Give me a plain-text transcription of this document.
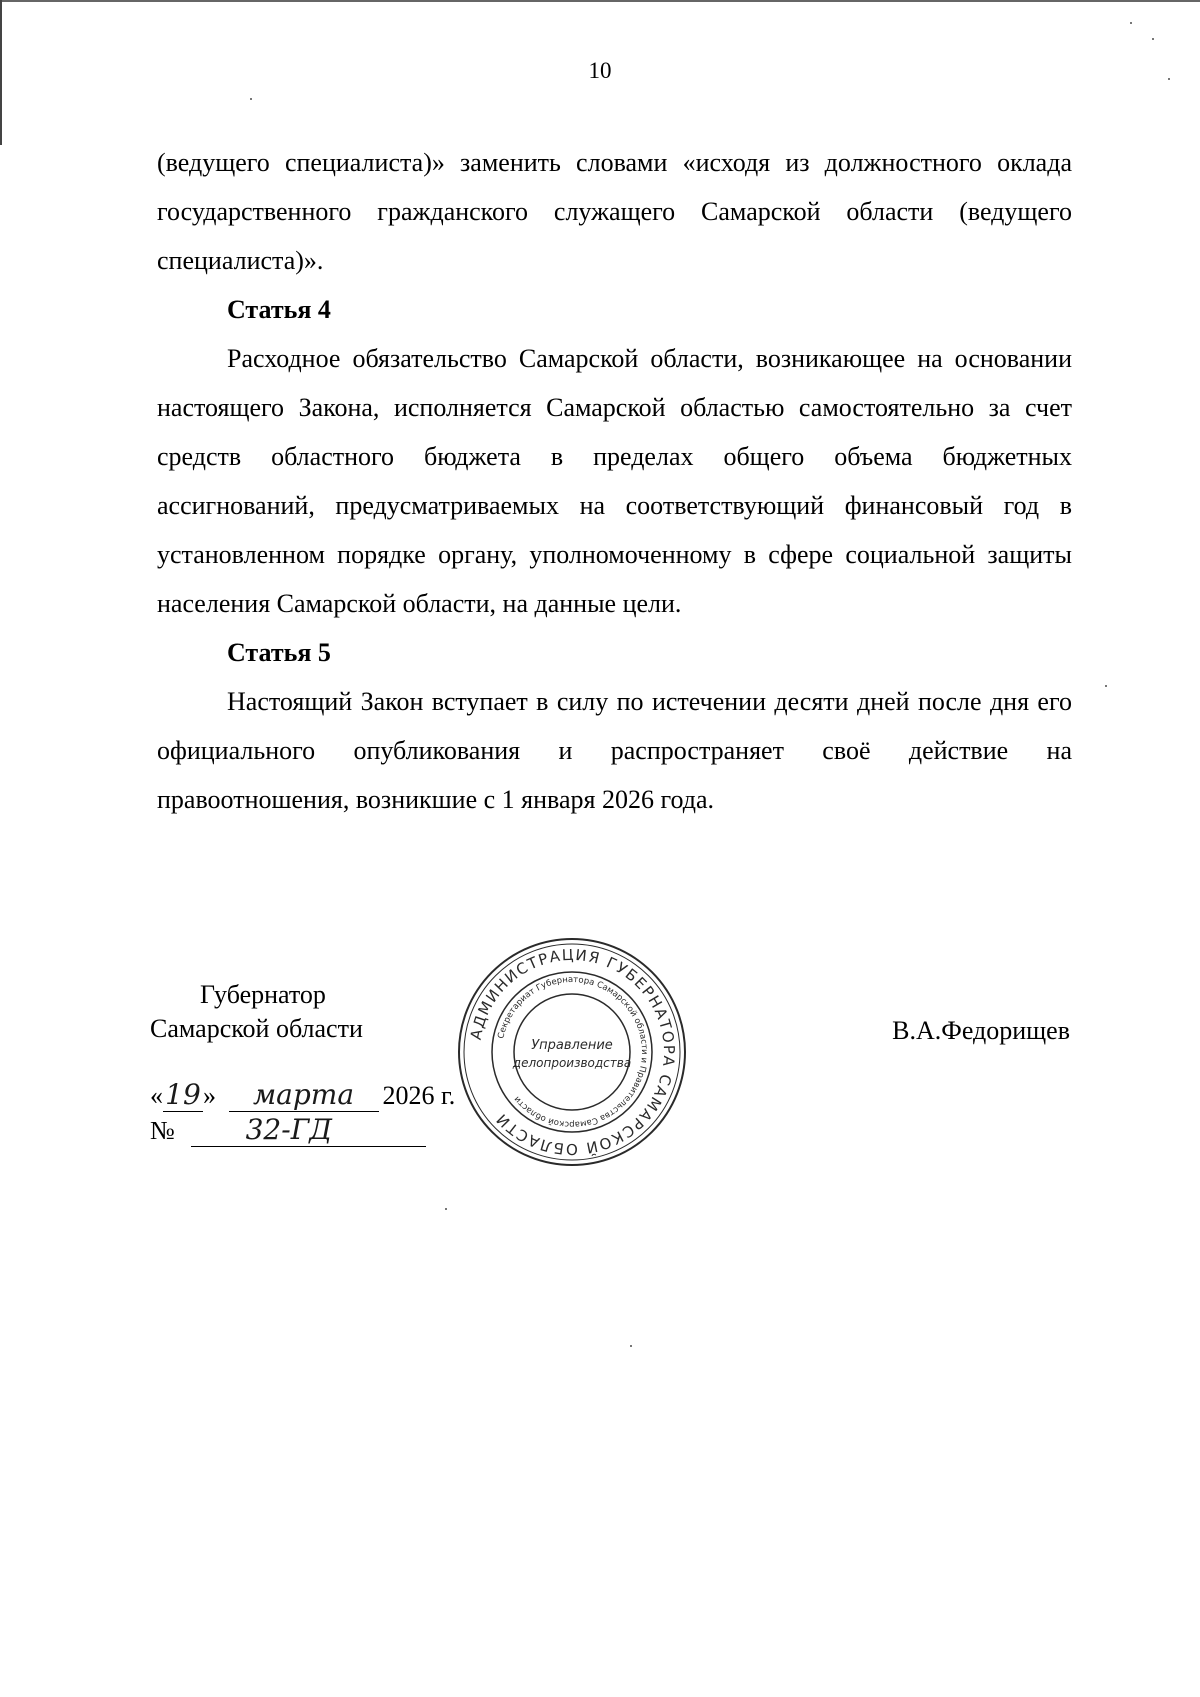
10

(ведущего специалиста)» заменить словами «исходя из должностного оклада государственного гражданского служащего Самарской области (ведущего специалиста)».

Статья 4

Расходное обязательство Самарской области, возникающее на основании настоящего Закона, исполняется Самарской областью самостоятельно за счет средств областного бюджета в пределах общего объема бюджетных ассигнований, предусматриваемых на соответствующий финансовый год в установленном порядке органу, уполномоченному в сфере социальной защиты населения Самарской области, на данные цели.

Статья 5

Настоящий Закон вступает в силу по истечении десяти дней после дня его официального опубликования и распространяет своё действие на правоотношения, возникшие с 1 января 2026 года.

Губернатор
Самарской области	В.А.Федорищев
«19» марта 2026 г.
№	32-ГД
АДМИНИСТРАЦИЯ ГУБЕРНАТОРА САМАРСКОЙ ОБЛАСТИ
Секретариат Губернатора Самарской области и Правительства Самарской области
Управление
делопроизводства
